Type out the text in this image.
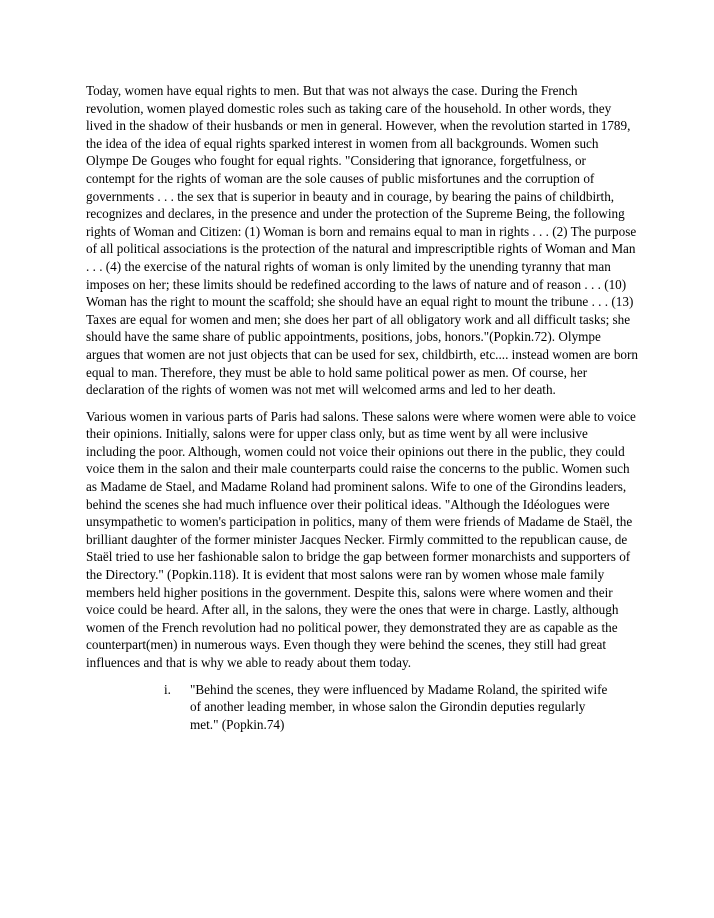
Today, women have equal rights to men. But that was not always the case. During the French revolution, women played domestic roles such as taking care of the household. In other words, they lived in the shadow of their husbands or men in general. However, when the revolution started in 1789, the idea of the idea of equal rights sparked interest in women from all backgrounds. Women such Olympe De Gouges who fought for equal rights. "Considering that ignorance, forgetfulness, or contempt for the rights of woman are the sole causes of public misfortunes and the corruption of governments . . . the sex that is superior in beauty and in courage, by bearing the pains of childbirth, recognizes and declares, in the presence and under the protection of the Supreme Being, the following rights of Woman and Citizen: (1) Woman is born and remains equal to man in rights . . . (2) The purpose of all political associations is the protection of the natural and imprescriptible rights of Woman and Man . . . (4) the exercise of the natural rights of woman is only limited by the unending tyranny that man imposes on her; these limits should be redefined according to the laws of nature and of reason . . . (10) Woman has the right to mount the scaffold; she should have an equal right to mount the tribune . . . (13) Taxes are equal for women and men; she does her part of all obligatory work and all difficult tasks; she should have the same share of public appointments, positions, jobs, honors."(Popkin.72). Olympe argues that women are not just objects that can be used for sex, childbirth, etc.... instead women are born equal to man. Therefore, they must be able to hold same political power as men. Of course, her declaration of the rights of women was not met will welcomed arms and led to her death.

Various women in various parts of Paris had salons. These salons were where women were able to voice their opinions. Initially, salons were for upper class only, but as time went by all were inclusive including the poor. Although, women could not voice their opinions out there in the public, they could voice them in the salon and their male counterparts could raise the concerns to the public. Women such as Madame de Stael, and Madame Roland had prominent salons. Wife to one of the Girondins leaders, behind the scenes she had much influence over their political ideas. "Although the Idéologues were unsympathetic to women's participation in politics, many of them were friends of Madame de Staël, the brilliant daughter of the former minister Jacques Necker. Firmly committed to the republican cause, de Staël tried to use her fashionable salon to bridge the gap between former monarchists and supporters of the Directory." (Popkin.118). It is evident that most salons were ran by women whose male family members held higher positions in the government. Despite this, salons were where women and their voice could be heard. After all, in the salons, they were the ones that were in charge. Lastly, although women of the French revolution had no political power, they demonstrated they are as capable as the counterpart(men) in numerous ways. Even though they were behind the scenes, they still had great influences and that is why we able to ready about them today.

i.	"Behind the scenes, they were influenced by Madame Roland, the spirited wife of another leading member, in whose salon the Girondin deputies regularly met." (Popkin.74)
